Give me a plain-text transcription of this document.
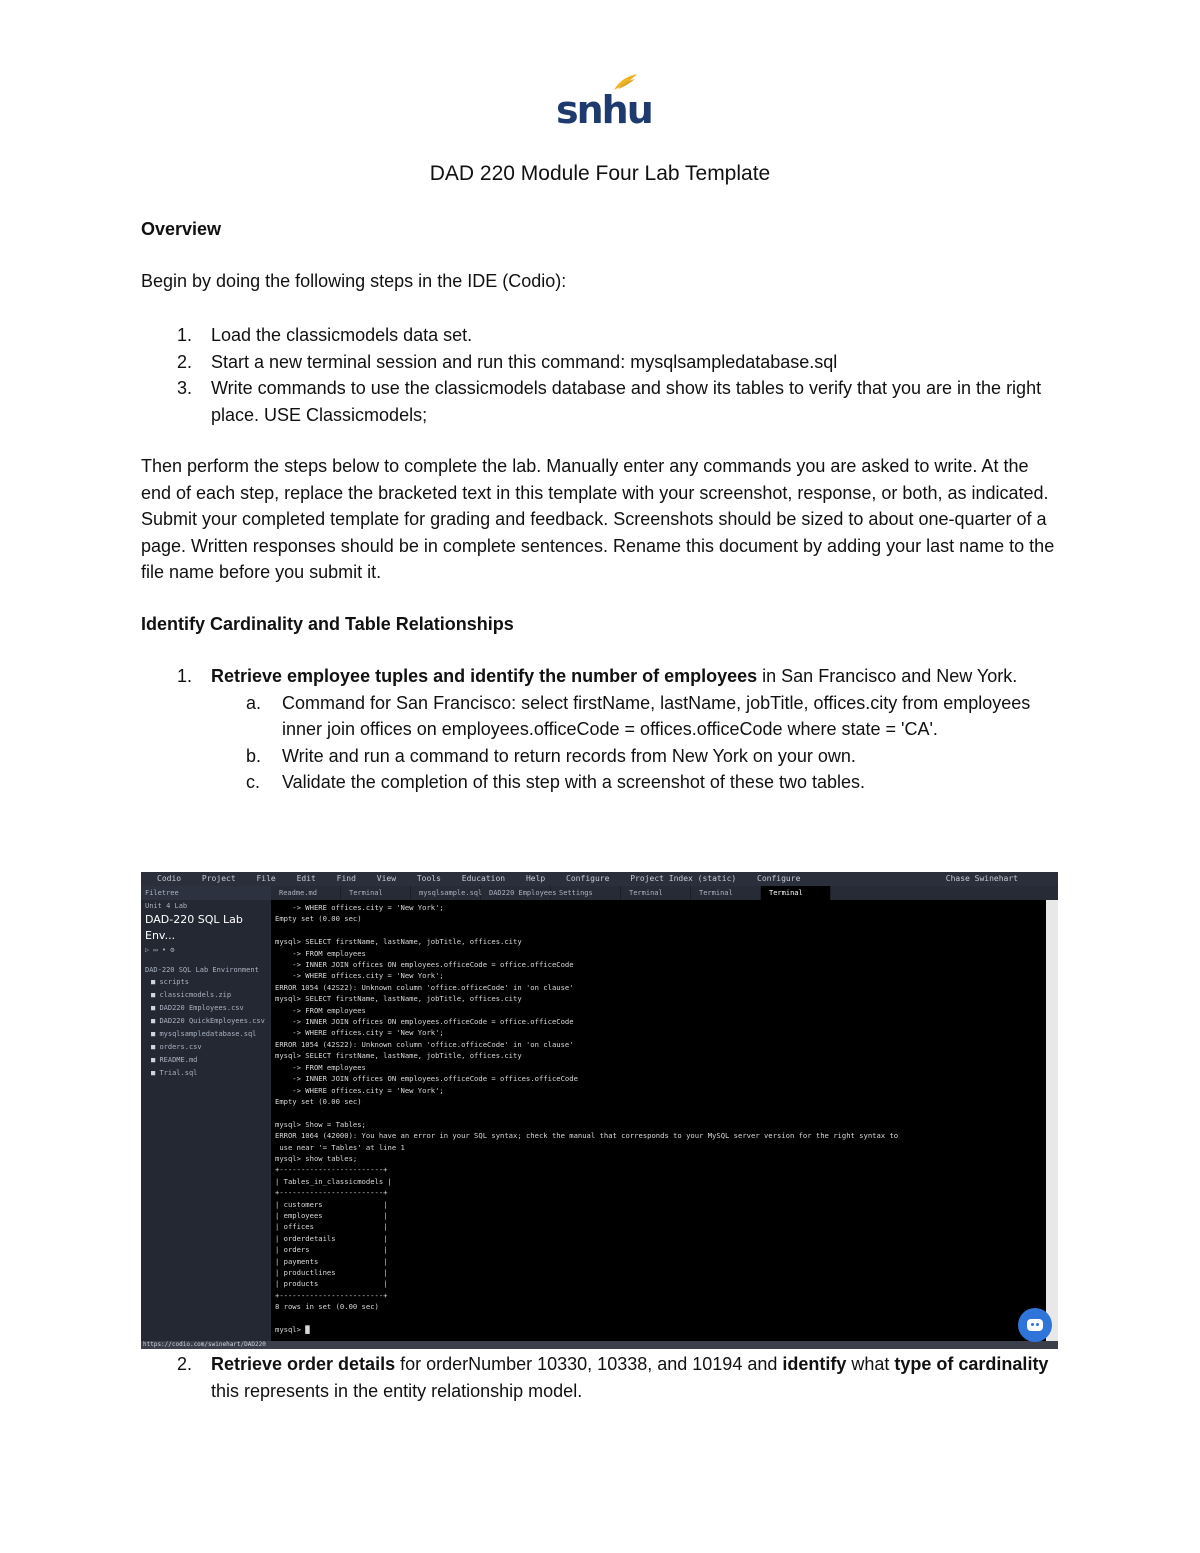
snhu
DAD 220 Module Four Lab Template
Overview
Begin by doing the following steps in the IDE (Codio):
1. Load the classicmodels data set.
2. Start a new terminal session and run this command: mysqlsampledatabase.sql
3. Write commands to use the classicmodels database and show its tables to verify that you are in the right place. USE Classicmodels;
Then perform the steps below to complete the lab. Manually enter any commands you are asked to write. At the end of each step, replace the bracketed text in this template with your screenshot, response, or both, as indicated. Submit your completed template for grading and feedback. Screenshots should be sized to about one-quarter of a page. Written responses should be in complete sentences. Rename this document by adding your last name to the file name before you submit it.
Identify Cardinality and Table Relationships
1. Retrieve employee tuples and identify the number of employees in San Francisco and New York.
a. Command for San Francisco: select firstName, lastName, jobTitle, offices.city from employees inner join offices on employees.officeCode = offices.officeCode where state = 'CA'.
b. Write and run a command to return records from New York on your own.
c. Validate the completion of this step with a screenshot of these two tables.
Codio	Project	File	Edit	Find	View	Tools	Education	Help	Configure	Project Index (static)	Configure	Chase Swinehart
Filetree
Unit 4 Lab
DAD-220 SQL Lab Env...
▷ ▭ • ⚙
DAD-220 SQL Lab Environment
■ scripts
■ classicmodels.zip
■ DAD220 Employees.csv
■ DAD220 QuickEmployees.csv
■ mysqlsampledatabase.sql
■ orders.csv
■ README.md
■ Trial.sql
Readme.md	Terminal	mysqlsample.sql DAD220 Employees Settings	Terminal	Terminal	Terminal
-> WHERE offices.city = 'New York';
Empty set (0.00 sec)

mysql> SELECT firstName, lastName, jobTitle, offices.city
-> FROM employees
-> INNER JOIN offices ON employees.officeCode = office.officeCode
-> WHERE offices.city = 'New York';
ERROR 1054 (42S22): Unknown column 'office.officeCode' in 'on clause'
mysql> SELECT firstName, lastName, jobTitle, offices.city
-> FROM employees
-> INNER JOIN offices ON employees.officeCode = office.officeCode
-> WHERE offices.city = 'New York';
ERROR 1054 (42S22): Unknown column 'office.officeCode' in 'on clause'
mysql> SELECT firstName, lastName, jobTitle, offices.city
-> FROM employees
-> INNER JOIN offices ON employees.officeCode = offices.officeCode
-> WHERE offices.city = 'New York';
Empty set (0.00 sec)

mysql> Show = Tables;
ERROR 1064 (42000): You have an error in your SQL syntax; check the manual that corresponds to your MySQL server version for the right syntax to
use near '= Tables' at line 1
mysql> show tables;
+------------------------+
| Tables_in_classicmodels |
+------------------------+
| customers              |
| employees              |
| offices                |
| orderdetails           |
| orders                 |
| payments               |
| productlines           |
| products               |
+------------------------+
8 rows in set (0.00 sec)

mysql> █
https://codio.com/swinehart/DAD220
2. Retrieve order details for orderNumber 10330, 10338, and 10194 and identify what type of cardinality this represents in the entity relationship model.
